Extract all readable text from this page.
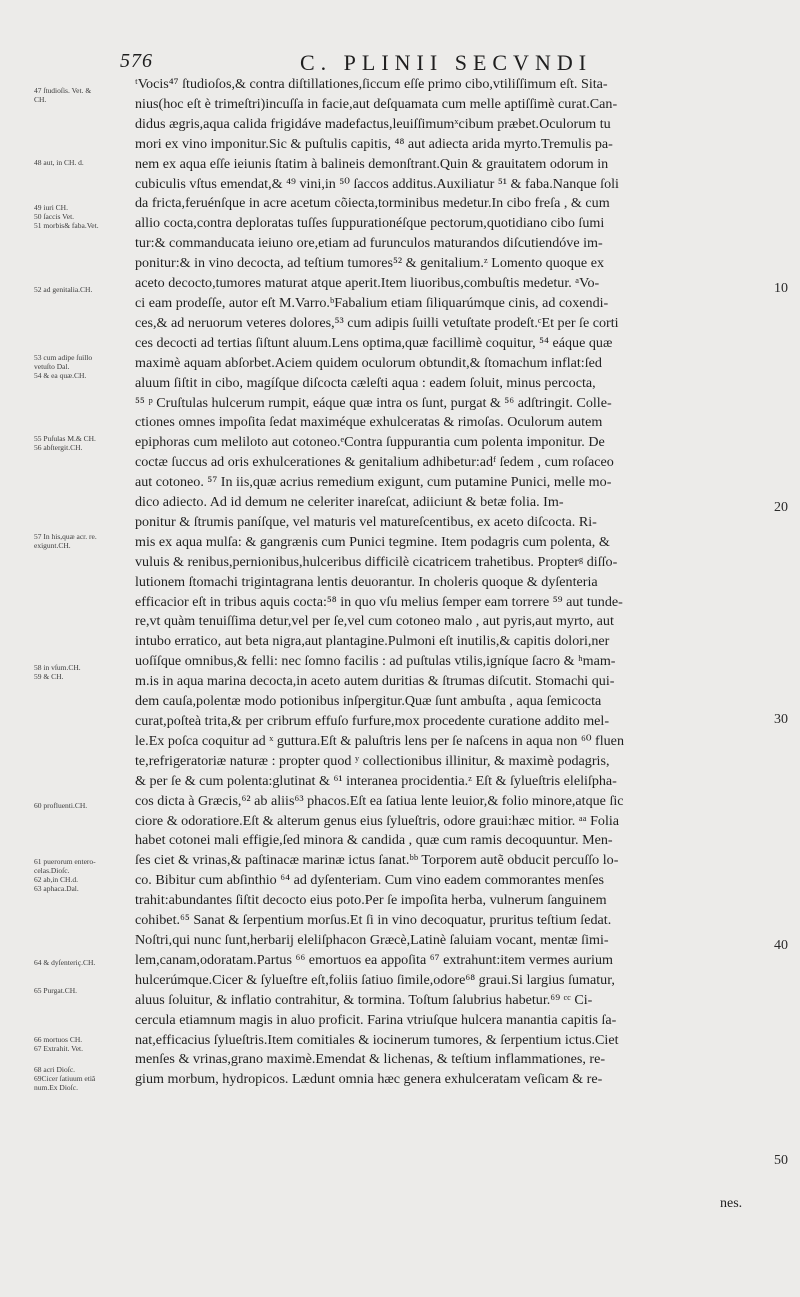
576	C. PLINII SECVNDI
47 ſtudioſis. Vet. &
CH.
48 aut, in CH. d.
49 iuri CH.
50 ſaccis Vet.
51 morbis& faba.Vet.
52 ad genitalia.CH.
53 cum adipe ſuillo
vetuſto Dal.
54 & ea quæ.CH.
55 Puſulas M.& CH.
56 abſtergit.CH.
57 In his,quæ acr. re.
exigunt.CH.
58 in vſum.CH.
59 & CH.
60 profluenti.CH.
61 puerorum entero-
celas.Dioſc.
62 ab,in CH.d.
63 aphaca.Dal.
64 & dyſenteriç.CH.
65 Purgat.CH.
66 mortuos CH.
67 Extrahit. Vet.
68 acri Dioſc.
69Cicer ſatiuum etiã
num.Ex Dioſc.
ᵗVocis⁴⁷ ſtudioſos,& contra diſtillationes,ſiccum eſſe primo cibo,vtiliſſimum eſt. Sita-
nius(hoc eſt è trimeſtri)incuſſa in facie,aut deſquamata cum melle aptiſſimè curat.Can-
didus ægris,aqua calida frigidáve madefactus,leuiſſimumˣcibum præbet.Oculorum tu
mori ex vino imponitur.Sic & puſtulis capitis, ⁴⁸ aut adiecta arida myrto.Tremulis pa-
nem ex aqua eſſe ieiunis ſtatim à balineis demonſtrant.Quin & grauitatem odorum in
cubiculis vſtus emendat,& ⁴⁹ vini,in ⁵⁰ ſaccos additus.Auxiliatur ⁵¹ & faba.Nanque ſoli
da fricta,feruénſque in acre acetum cõiecta,torminibus medetur.In cibo freſa , & cum
allio cocta,contra deploratas tuſſes ſuppurationéſque pectorum,quotidiano cibo ſumi
tur:& commanducata ieiuno ore,etiam ad furunculos maturandos diſcutiendóve im-
ponitur:& in vino decocta, ad teſtium tumores⁵² & genitalium.ᶻ Lomento quoque ex
aceto decocto,tumores maturat atque aperit.Item liuoribus,combuſtis medetur. ᵃVo-
ci eam prodeſſe, autor eſt M.Varro.ᵇFabalium etiam ſiliquarúmque cinis, ad coxendi-
ces,& ad neruorum veteres dolores,⁵³ cum adipis ſuilli vetuſtate prodeſt.ᶜEt per ſe corti
ces decocti ad tertias ſiſtunt aluum.Lens optima,quæ facillimè coquitur, ⁵⁴ eáque quæ
maximè aquam abſorbet.Aciem quidem oculorum obtundit,& ſtomachum inflat:ſed
aluum ſiſtit in cibo, magíſque diſcocta cæleſti aqua : eadem ſoluit, minus percocta,
⁵⁵ ᵖ Cruſtulas hulcerum rumpit, eáque quæ intra os ſunt, purgat & ⁵⁶ adſtringit. Colle-
ctiones omnes impoſita ſedat maximéque exhulceratas & rimoſas. Oculorum autem
epiphoras cum meliloto aut cotoneo.ᵉContra ſuppurantia cum polenta imponitur. De
coctæ ſuccus ad oris exhulcerationes & genitalium adhibetur:adᶠ ſedem , cum roſaceo
aut cotoneo. ⁵⁷ In iis,quæ acrius remedium exigunt, cum putamine Punici, melle mo-
dico adiecto. Ad id demum ne celeriter inareſcat, adiiciunt & betæ folia. Im-
ponitur & ſtrumis paníſque, vel maturis vel matureſcentibus, ex aceto diſcocta. Ri-
mis ex aqua mulſa: & gangrænis cum Punici tegmine. Item podagris cum polenta, &
vuluis & renibus,pernionibus,hulceribus difficilè cicatricem trahetibus. Propterᵍ diſſo-
lutionem ſtomachi trigintagrana lentis deuorantur. In choleris quoque & dyſenteria
efficacior eſt in tribus aquis cocta:⁵⁸ in quo vſu melius ſemper eam torrere ⁵⁹ aut tunde-
re,vt quàm tenuiſſima detur,vel per ſe,vel cum cotoneo malo , aut pyris,aut myrto, aut
intubo erratico, aut beta nigra,aut plantagine.Pulmoni eſt inutilis,& capitis dolori,ner
uoſíſque omnibus,& felli: nec ſomno facilis : ad puſtulas vtilis,igníque ſacro & ʰmam-
m.is in aqua marina decocta,in aceto autem duritias & ſtrumas diſcutit. Stomachi qui-
dem cauſa,polentæ modo potionibus inſpergitur.Quæ ſunt ambuſta , aqua ſemicocta
curat,poſteà trita,& per cribrum effuſo furfure,mox procedente curatione addito mel-
le.Ex poſca coquitur ad ˣ guttura.Eſt & paluſtris lens per ſe naſcens in aqua non ⁶⁰ fluen
te,refrigeratoriæ naturæ : propter quod ʸ collectionibus illinitur, & maximè podagris,
& per ſe & cum polenta:glutinat & ⁶¹ interanea procidentia.ᶻ Eſt & ſylueſtris eleliſpha-
cos dicta à Græcis,⁶² ab aliis⁶³ phacos.Eſt ea ſatiua lente leuior,& folio minore,atque ſic
ciore & odoratiore.Eſt & alterum genus eius ſylueſtris, odore graui:hæc mitior. ᵃᵃ Folia
habet cotonei mali effigie,ſed minora & candida , quæ cum ramis decoquuntur. Men-
ſes ciet & vrinas,& paſtinacæ marinæ ictus ſanat.ᵇᵇ Torporem autẽ obducit percuſſo lo-
co. Bibitur cum abſinthio ⁶⁴ ad dyſenteriam. Cum vino eadem commorantes menſes
trahit:abundantes ſiſtit decocto eius poto.Per ſe impoſita herba, vulnerum ſanguinem
cohibet.⁶⁵ Sanat & ſerpentium morſus.Et ſi in vino decoquatur, pruritus teſtium ſedat.
Noſtri,qui nunc ſunt,herbarij eleliſphacon Græcè,Latinè ſaluiam vocant, mentæ ſimi-
lem,canam,odoratam.Partus ⁶⁶ emortuos ea appoſita ⁶⁷ extrahunt:item vermes aurium
hulcerúmque.Cicer & ſylueſtre eſt,foliis ſatiuo ſimile,odore⁶⁸ graui.Si largius ſumatur,
aluus ſoluitur, & inflatio contrahitur, & tormina. Toſtum ſalubrius habetur.⁶⁹ ᶜᶜ Ci-
cercula etiamnum magis in aluo proficit. Farina vtriuſque hulcera manantia capitis ſa-
nat,efficacius ſylueſtris.Item comitiales & iocinerum tumores, & ſerpentium ictus.Ciet
menſes & vrinas,grano maximè.Emendat & lichenas, & teſtium inflammationes, re-
gium morbum, hydropicos. Lædunt omnia hæc genera exhulceratam veſicam & re-
10
20
30
40
50
nes.
